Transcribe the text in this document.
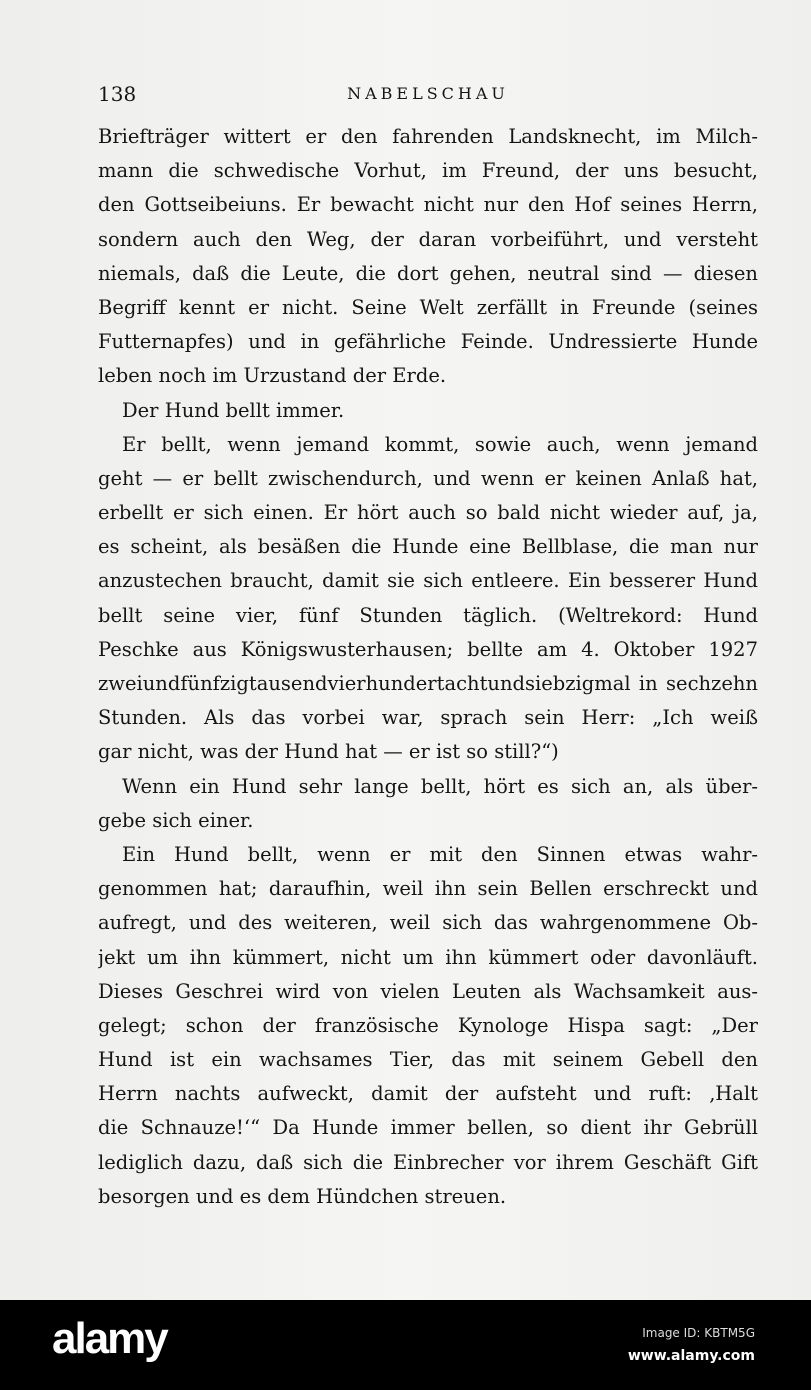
138	NABELSCHAU
Briefträger wittert er den fahrenden Landsknecht, im Milch-
mann die schwedische Vorhut, im Freund, der uns besucht,
den Gottseibeiuns. Er bewacht nicht nur den Hof seines Herrn,
sondern auch den Weg, der daran vorbeiführt, und versteht
niemals, daß die Leute, die dort gehen, neutral sind — diesen
Begriff kennt er nicht. Seine Welt zerfällt in Freunde (seines
Futternapfes) und in gefährliche Feinde. Undressierte Hunde
leben noch im Urzustand der Erde.
Der Hund bellt immer.
Er bellt, wenn jemand kommt, sowie auch, wenn jemand
geht — er bellt zwischendurch, und wenn er keinen Anlaß hat,
erbellt er sich einen. Er hört auch so bald nicht wieder auf, ja,
es scheint, als besäßen die Hunde eine Bellblase, die man nur
anzustechen braucht, damit sie sich entleere. Ein besserer Hund
bellt seine vier, fünf Stunden täglich. (Weltrekord: Hund
Peschke aus Königswusterhausen; bellte am 4. Oktober 1927
zweiundfünfzigtausendvierhundertachtundsiebzigmal in sechzehn
Stunden. Als das vorbei war, sprach sein Herr: „Ich weiß
gar nicht, was der Hund hat — er ist so still?“)
Wenn ein Hund sehr lange bellt, hört es sich an, als über-
gebe sich einer.
Ein Hund bellt, wenn er mit den Sinnen etwas wahr-
genommen hat; daraufhin, weil ihn sein Bellen erschreckt und
aufregt, und des weiteren, weil sich das wahrgenommene Ob-
jekt um ihn kümmert, nicht um ihn kümmert oder davonläuft.
Dieses Geschrei wird von vielen Leuten als Wachsamkeit aus-
gelegt; schon der französische Kynologe Hispa sagt: „Der
Hund ist ein wachsames Tier, das mit seinem Gebell den
Herrn nachts aufweckt, damit der aufsteht und ruft: ‚Halt
die Schnauze!‘“ Da Hunde immer bellen, so dient ihr Gebrüll
lediglich dazu, daß sich die Einbrecher vor ihrem Geschäft Gift
besorgen und es dem Hündchen streuen.
alamy	Image ID: KBTM5G
www.alamy.com
